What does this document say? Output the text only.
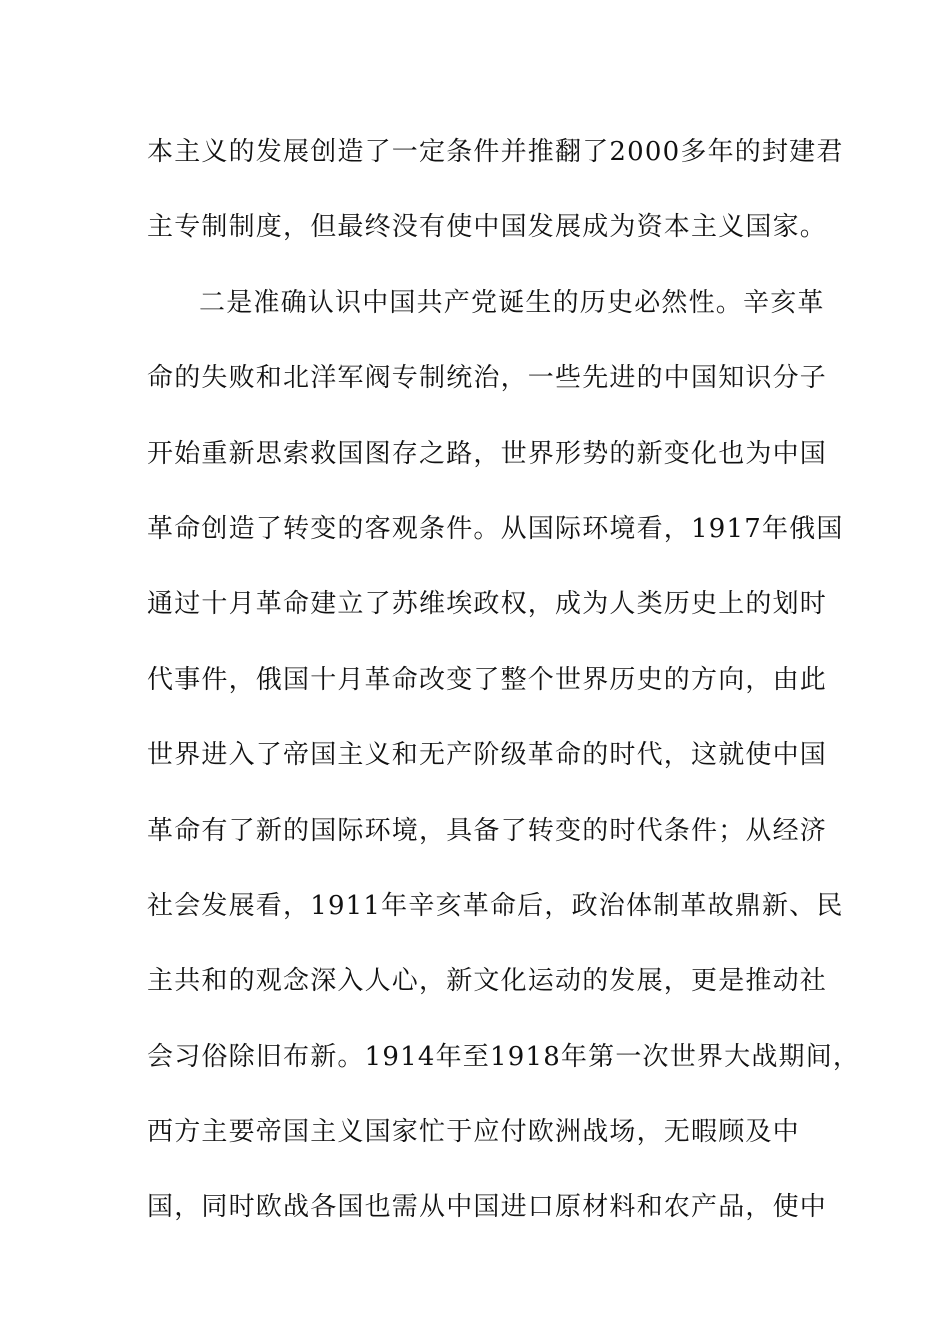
本主义的发展创造了一定条件并推翻了2000多年的封建君
主专制制度，但最终没有使中国发展成为资本主义国家。
二是准确认识中国共产党诞生的历史必然性。辛亥革
命的失败和北洋军阀专制统治，一些先进的中国知识分子
开始重新思索救国图存之路，世界形势的新变化也为中国
革命创造了转变的客观条件。从国际环境看，1917年俄国
通过十月革命建立了苏维埃政权，成为人类历史上的划时
代事件，俄国十月革命改变了整个世界历史的方向，由此
世界进入了帝国主义和无产阶级革命的时代，这就使中国
革命有了新的国际环境，具备了转变的时代条件；从经济
社会发展看，1911年辛亥革命后，政治体制革故鼎新、民
主共和的观念深入人心，新文化运动的发展，更是推动社
会习俗除旧布新。1914年至1918年第一次世界大战期间，
西方主要帝国主义国家忙于应付欧洲战场，无暇顾及中
国，同时欧战各国也需从中国进口原材料和农产品，使中
